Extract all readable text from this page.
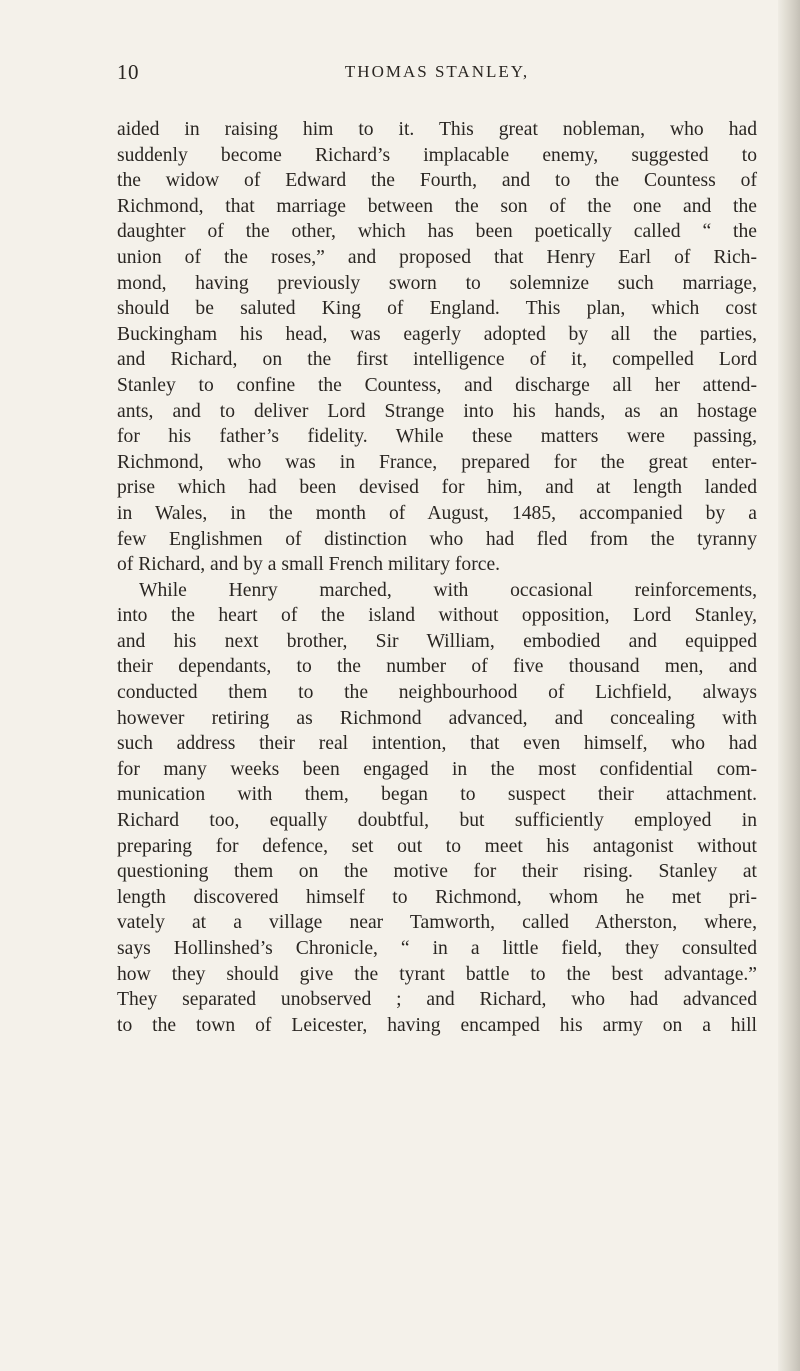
10	THOMAS STANLEY,
aided in raising him to it. This great nobleman, who had
suddenly become Richard’s implacable enemy, suggested to
the widow of Edward the Fourth, and to the Countess of
Richmond, that marriage between the son of the one and the
daughter of the other, which has been poetically called “ the
union of the roses,” and proposed that Henry Earl of Rich-
mond, having previously sworn to solemnize such marriage,
should be saluted King of England. This plan, which cost
Buckingham his head, was eagerly adopted by all the parties,
and Richard, on the first intelligence of it, compelled Lord
Stanley to confine the Countess, and discharge all her attend-
ants, and to deliver Lord Strange into his hands, as an hostage
for his father’s fidelity. While these matters were passing,
Richmond, who was in France, prepared for the great enter-
prise which had been devised for him, and at length landed
in Wales, in the month of August, 1485, accompanied by a
few Englishmen of distinction who had fled from the tyranny
of Richard, and by a small French military force.
While Henry marched, with occasional reinforcements,
into the heart of the island without opposition, Lord Stanley,
and his next brother, Sir William, embodied and equipped
their dependants, to the number of five thousand men, and
conducted them to the neighbourhood of Lichfield, always
however retiring as Richmond advanced, and concealing with
such address their real intention, that even himself, who had
for many weeks been engaged in the most confidential com-
munication with them, began to suspect their attachment.
Richard too, equally doubtful, but sufficiently employed in
preparing for defence, set out to meet his antagonist without
questioning them on the motive for their rising. Stanley at
length discovered himself to Richmond, whom he met pri-
vately at a village near Tamworth, called Atherston, where,
says Hollinshed’s Chronicle, “ in a little field, they consulted
how they should give the tyrant battle to the best advantage.”
They separated unobserved ; and Richard, who had advanced
to the town of Leicester, having encamped his army on a hill
